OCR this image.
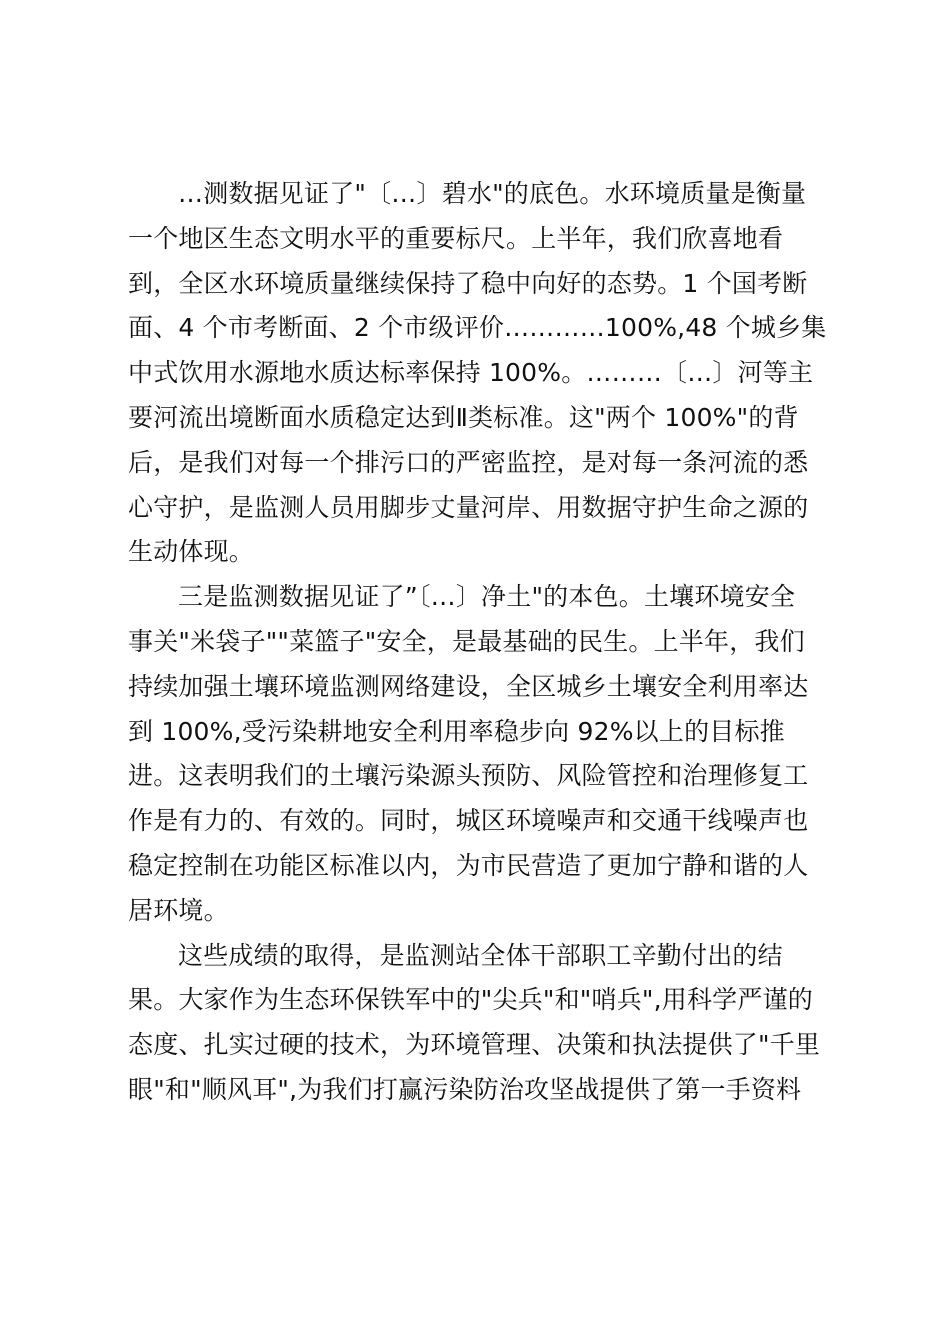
…测数据见证了"〔…〕碧水"的底色。水环境质量是衡量
一个地区生态文明水平的重要标尺。上半年，我们欣喜地看
到，全区水环境质量继续保持了稳中向好的态势。1 个国考断
面、4 个市考断面、2 个市级评价…………100%,48 个城乡集
中式饮用水源地水质达标率保持 100%。………〔…〕河等主
要河流出境断面水质稳定达到Ⅱ类标准。这"两个 100%"的背
后，是我们对每一个排污口的严密监控，是对每一条河流的悉
心守护，是监测人员用脚步丈量河岸、用数据守护生命之源的
生动体现。
三是监测数据见证了”〔…〕净土"的本色。土壤环境安全
事关"米袋子""菜篮子"安全，是最基础的民生。上半年，我们
持续加强土壤环境监测网络建设，全区城乡土壤安全利用率达
到 100%,受污染耕地安全利用率稳步向 92%以上的目标推
进。这表明我们的土壤污染源头预防、风险管控和治理修复工
作是有力的、有效的。同时，城区环境噪声和交通干线噪声也
稳定控制在功能区标准以内，为市民营造了更加宁静和谐的人
居环境。
这些成绩的取得，是监测站全体干部职工辛勤付出的结
果。大家作为生态环保铁军中的"尖兵"和"哨兵",用科学严谨的
态度、扎实过硬的技术，为环境管理、决策和执法提供了"千里
眼"和"顺风耳",为我们打赢污染防治攻坚战提供了第一手资料
